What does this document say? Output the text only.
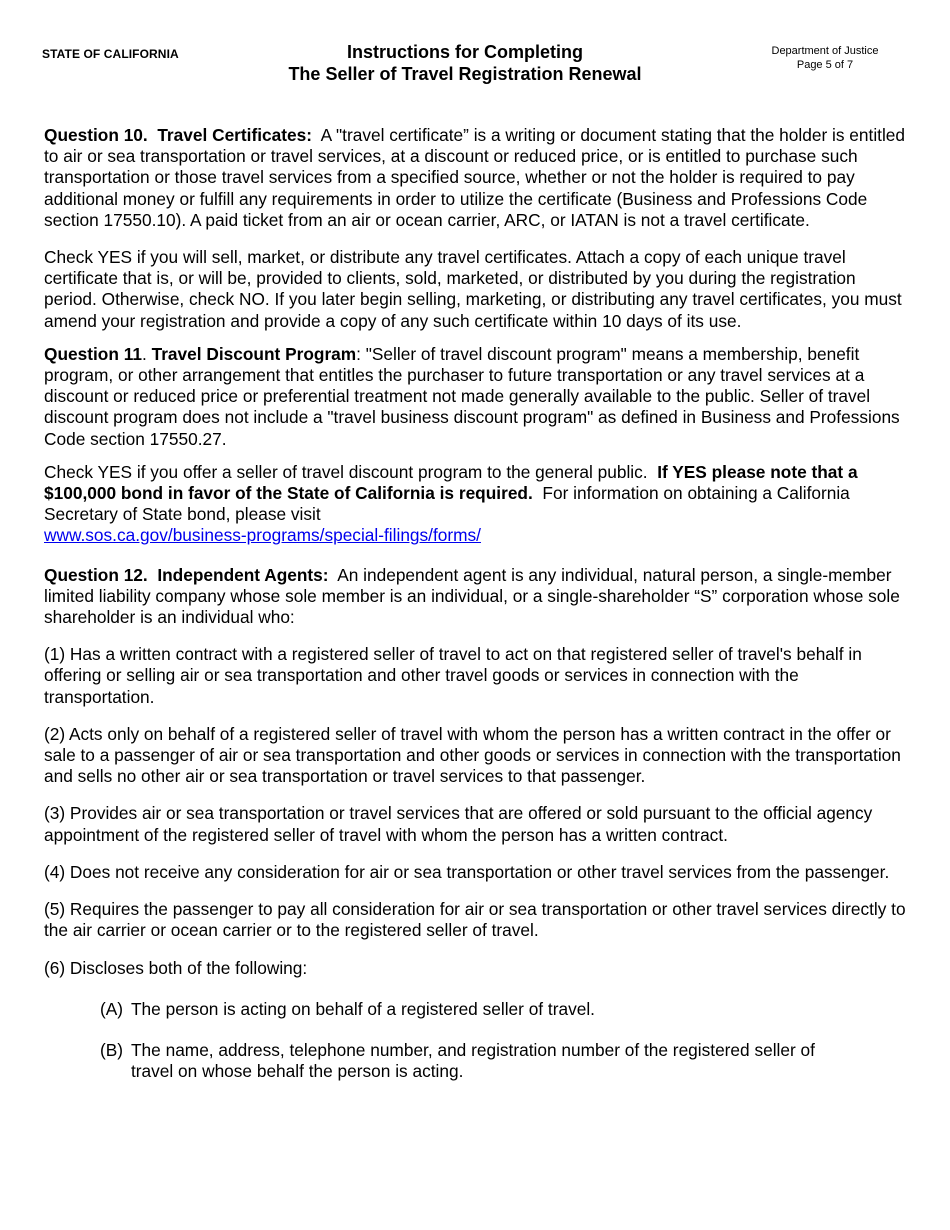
STATE OF CALIFORNIA	Instructions for Completing
The Seller of Travel Registration Renewal
Department of Justice
Page 5 of 7

Question 10. Travel Certificates: A "travel certificate” is a writing or document stating that the holder is entitled to air or sea transportation or travel services, at a discount or reduced price, or is entitled to purchase such transportation or those travel services from a specified source, whether or not the holder is required to pay additional money or fulfill any requirements in order to utilize the certificate (Business and Professions Code section 17550.10). A paid ticket from an air or ocean carrier, ARC, or IATAN is not a travel certificate.

Check YES if you will sell, market, or distribute any travel certificates. Attach a copy of each unique travel certificate that is, or will be, provided to clients, sold, marketed, or distributed by you during the registration period. Otherwise, check NO. If you later begin selling, marketing, or distributing any travel certificates, you must amend your registration and provide a copy of any such certificate within 10 days of its use.

Question 11. Travel Discount Program: "Seller of travel discount program" means a membership, benefit program, or other arrangement that entitles the purchaser to future transportation or any travel services at a discount or reduced price or preferential treatment not made generally available to the public. Seller of travel discount program does not include a "travel business discount program" as defined in Business and Professions Code section 17550.27.

Check YES if you offer a seller of travel discount program to the general public. If YES please note that a $100,000 bond in favor of the State of California is required. For information on obtaining a California Secretary of State bond, please visit
www.sos.ca.gov/business-programs/special-filings/forms/

Question 12. Independent Agents: An independent agent is any individual, natural person, a single-member limited liability company whose sole member is an individual, or a single-shareholder “S” corporation whose sole shareholder is an individual who:

(1) Has a written contract with a registered seller of travel to act on that registered seller of travel's behalf in offering or selling air or sea transportation and other travel goods or services in connection with the transportation.

(2) Acts only on behalf of a registered seller of travel with whom the person has a written contract in the offer or sale to a passenger of air or sea transportation and other goods or services in connection with the transportation and sells no other air or sea transportation or travel services to that passenger.

(3) Provides air or sea transportation or travel services that are offered or sold pursuant to the official agency appointment of the registered seller of travel with whom the person has a written contract.

(4) Does not receive any consideration for air or sea transportation or other travel services from the passenger.

(5) Requires the passenger to pay all consideration for air or sea transportation or other travel services directly to the air carrier or ocean carrier or to the registered seller of travel.

(6) Discloses both of the following:

(A) The person is acting on behalf of a registered seller of travel.
(B) The name, address, telephone number, and registration number of the registered seller of travel on whose behalf the person is acting.
